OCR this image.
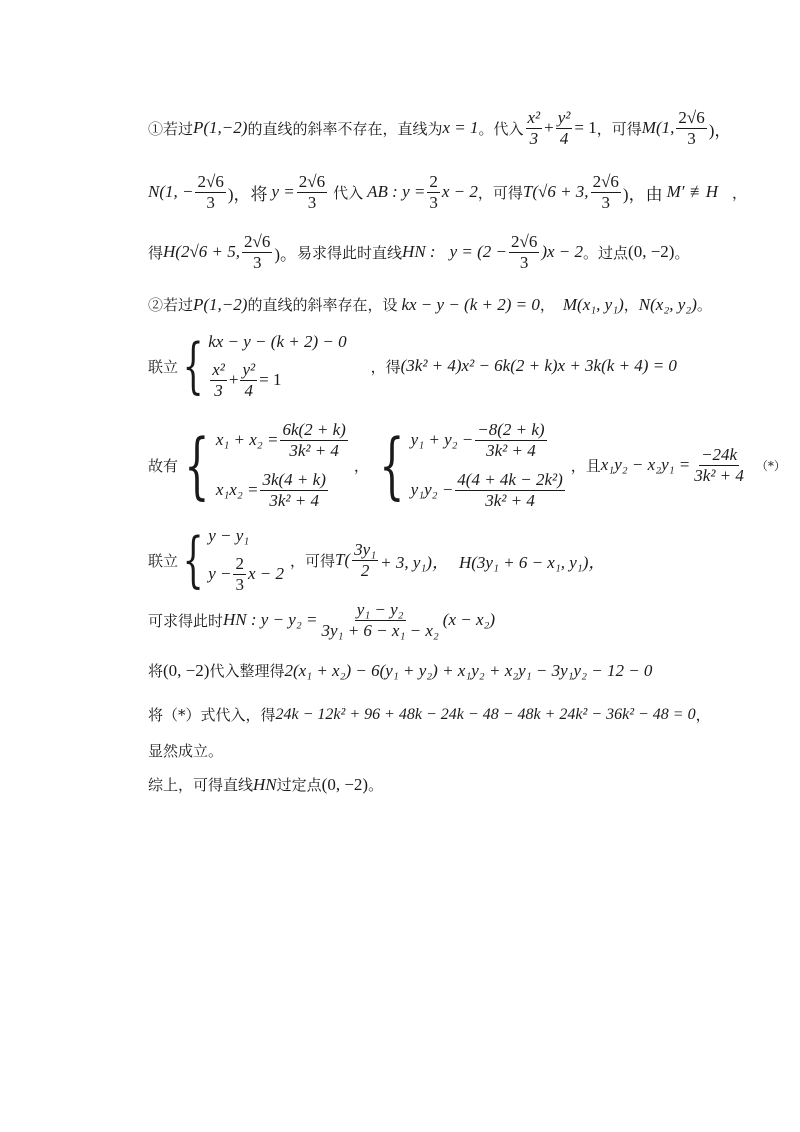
①若过 P(1,−2) 的直线的斜率不存在，直线为 x = 1 。代入 $\frac{\text{x²}}{3} + \frac{\text{y²}}{4} = 1$ ，可得 M(1, $\frac{2√6}{3}$ )，
N(1, − $\frac{2√6}{3}$ )，将 $y = \frac{2√6}{3}$ 代入 AB : $y = \frac{2}{3}$ x − 2 ，可得 T(√6 + 3, $\frac{2√6}{3}$ )，由 M′ ≢H ，
得 H(2√6 + 5, $\frac{2√6}{3}$ )。 易求得此时直线 HN : $y = (2 - \frac{2√6}{3} )x - 2$ 。过点 (0, −2) 。
②若过 P(1,−2) 的直线的斜率存在，设 kx − y − (k + 2) = 0 ， M(x₁, y₁) ， N(x₂, y₂) 。
联立 { kx − y − (k + 2) − 0
$\frac{\text{x²}}{3} + \frac{\text{y²}}{4} = 1$
，得 (3k² + 4)x² − 6k(2 + k)x + 3k(k + 4) = 0
故有 { $x_1 + x_2 = \frac{6k(2 + k)}{\text{3k² + 4}}$
$x_1x_2 = \frac{3k(4 + k)}{\text{3k² + 4}}$
， { $y_1 + y_2 - \frac{-8(2 + k)}{\text{3k² + 4}}$
$y_1y_2 - \frac{\text{4(4 + 4k − 2k²)}}{\text{3k² + 4}}$
，且 $x_1y_2 - x_2y_1 = \frac{-24k}{\text{3k² + 4}}$ （*）
联立 { y − y₁
$y - \frac{2}{3}$ x − 2
，可得 $T( \frac{\text{3y₁}}{2} + 3$, y₁)， H(3y₁ + 6 − x₁, y₁)，
可求得此时 HN : $y - y_2 = \frac{\text{y₁ − y₂}}{\text{3y₁ + 6 − x₁ − x₂}} (x - x_2)$
将 (0, −2) 代入整理得 2(x₁ + x₂) − 6(y₁ + y₂) + x₁y₂ + x₂y₁ − 3y₁y₂ − 12 − 0
将（*）式代入，得 24k − 12k² + 96 + 48k − 24k − 48 − 48k + 24k² − 36k² − 48 = 0 ，
显然成立。
综上，可得直线 HN 过定点 (0, −2) 。
